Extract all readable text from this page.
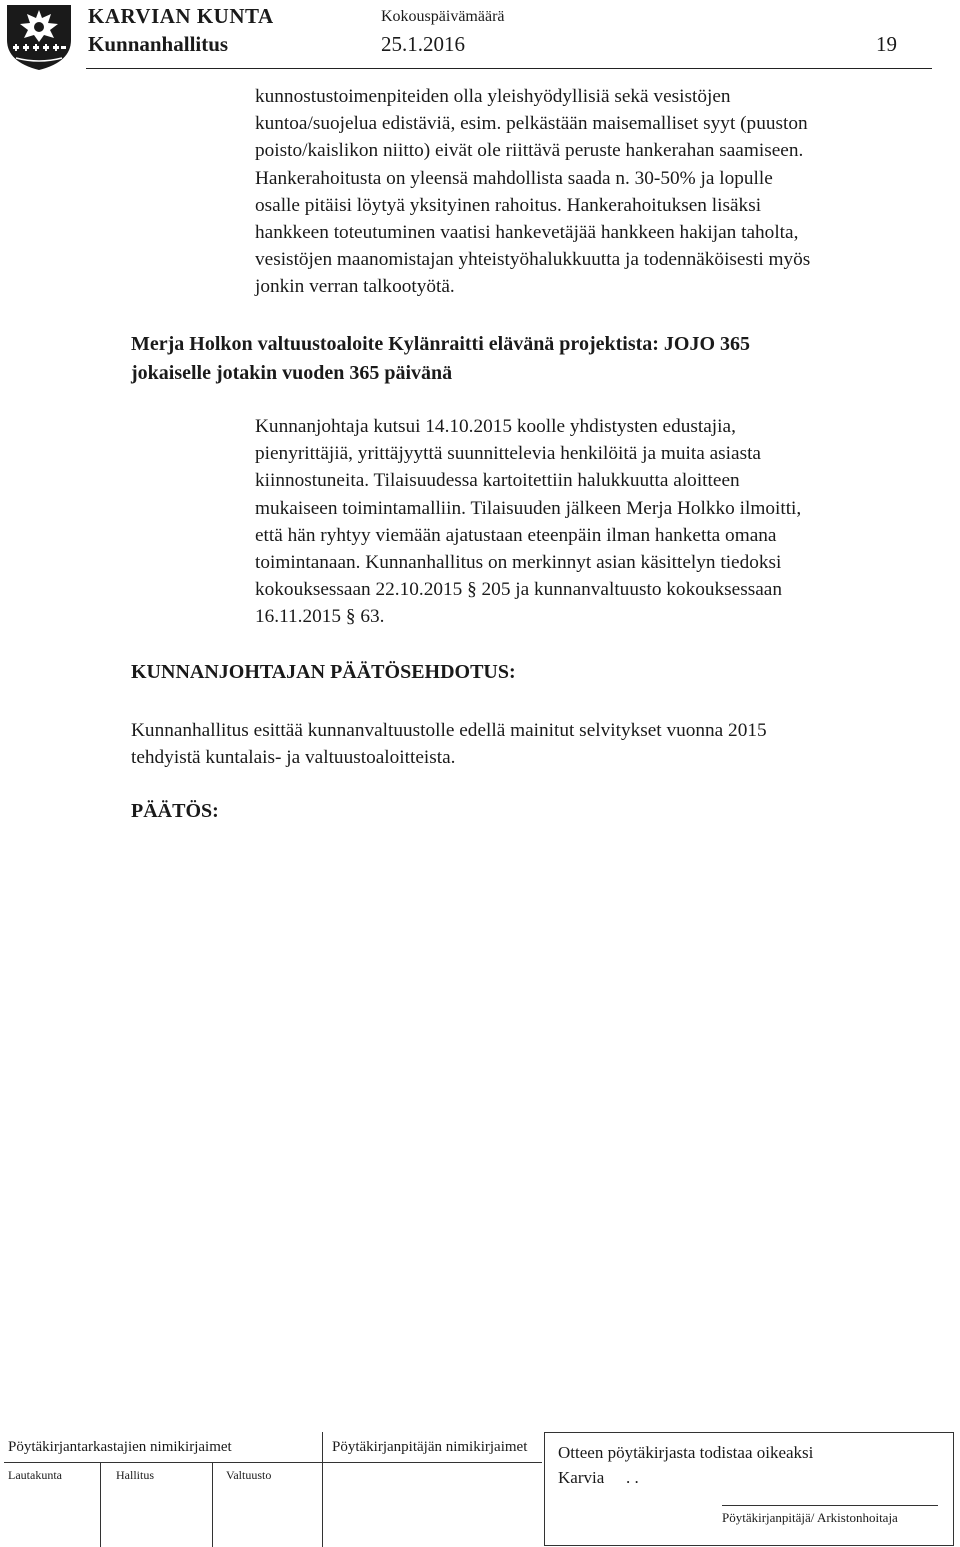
KARVIAN KUNTA	Kokouspäivämäärä
Kunnanhallitus	25.1.2016	19
kunnostustoimenpiteiden olla yleishyödyllisiä sekä vesistöjen
kuntoa/suojelua edistäviä, esim. pelkästään maisemalliset syyt (puuston
poisto/kaislikon niitto) eivät ole riittävä peruste hankerahan saamiseen.
Hankerahoitusta on yleensä mahdollista saada n. 30-50% ja lopulle
osalle pitäisi löytyä yksityinen rahoitus. Hankerahoituksen lisäksi
hankkeen toteutuminen vaatisi hankevetäjää hankkeen hakijan taholta,
vesistöjen maanomistajan yhteistyöhalukkuutta ja todennäköisesti myös
jonkin verran talkootyötä.
Merja Holkon valtuustoaloite Kylänraitti elävänä projektista: JOJO 365
jokaiselle jotakin vuoden 365 päivänä
Kunnanjohtaja kutsui 14.10.2015 koolle yhdistysten edustajia,
pienyrittäjiä, yrittäjyyttä suunnittelevia henkilöitä ja muita asiasta
kiinnostuneita. Tilaisuudessa kartoitettiin halukkuutta aloitteen
mukaiseen toimintamalliin. Tilaisuuden jälkeen Merja Holkko ilmoitti,
että hän ryhtyy viemään ajatustaan eteenpäin ilman hanketta omana
toimintanaan. Kunnanhallitus on merkinnyt asian käsittelyn tiedoksi
kokouksessaan 22.10.2015 § 205 ja kunnanvaltuusto kokouksessaan
16.11.2015 § 63.
KUNNANJOHTAJAN PÄÄTÖSEHDOTUS:
Kunnanhallitus esittää kunnanvaltuustolle edellä mainitut selvitykset vuonna 2015
tehdyistä kuntalais- ja valtuustoaloitteista.
PÄÄTÖS:
Pöytäkirjantarkastajien nimikirjaimet	Pöytäkirjanpitäjän nimikirjaimet
Lautakunta	Hallitus	Valtuusto
Otteen pöytäkirjasta todistaa oikeaksi
Karvia . .
Pöytäkirjanpitäjä/ Arkistonhoitaja
